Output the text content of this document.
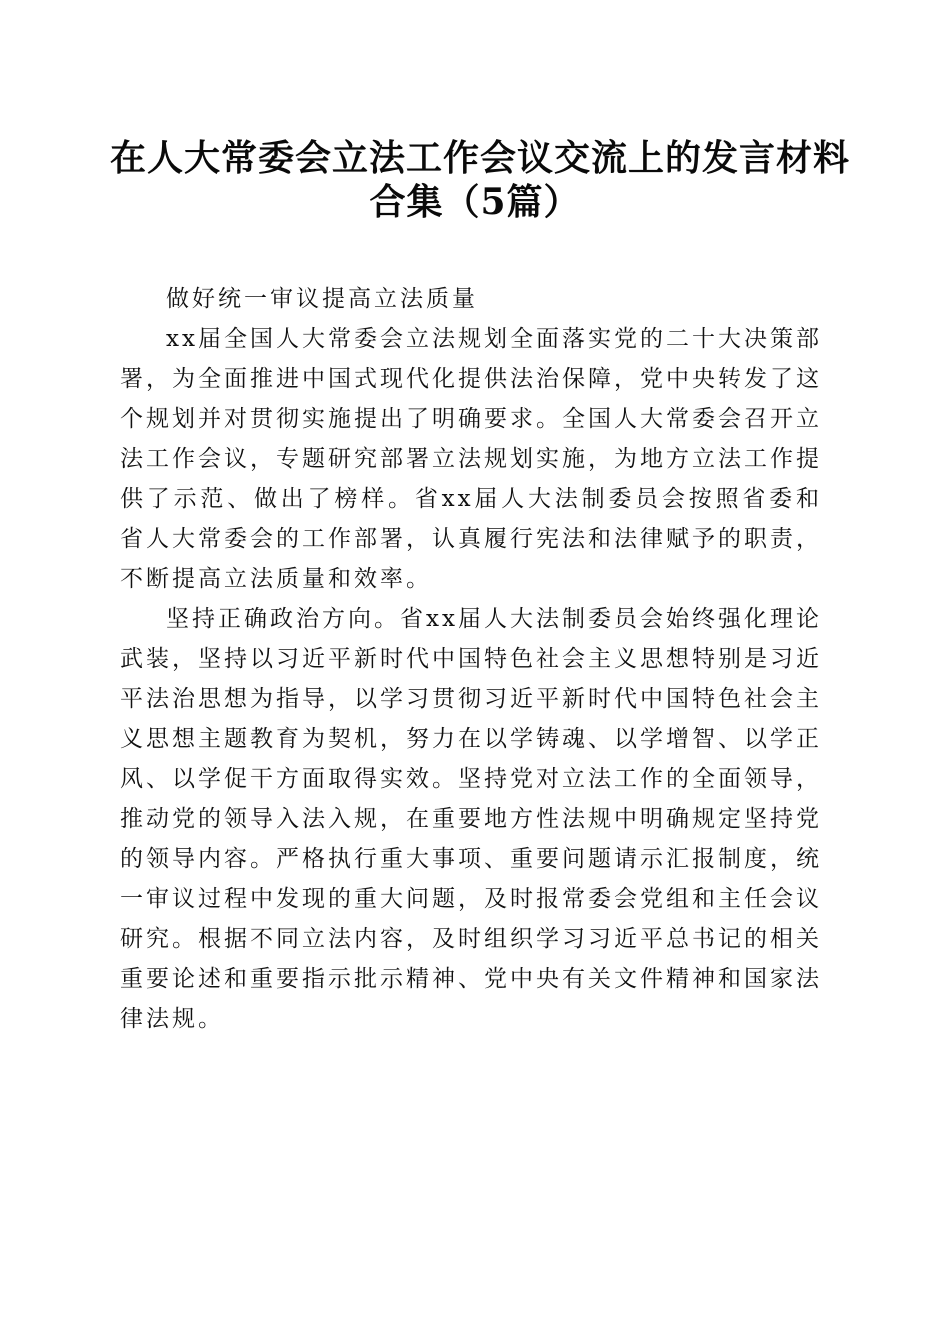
在人大常委会立法工作会议交流上的发言材料
合集（5篇）

做好统一审议提高立法质量

xx届全国人大常委会立法规划全面落实党的二十大决策部署，为全面推进中国式现代化提供法治保障，党中央转发了这个规划并对贯彻实施提出了明确要求。全国人大常委会召开立法工作会议，专题研究部署立法规划实施，为地方立法工作提供了示范、做出了榜样。省xx届人大法制委员会按照省委和省人大常委会的工作部署，认真履行宪法和法律赋予的职责，不断提高立法质量和效率。

坚持正确政治方向。省xx届人大法制委员会始终强化理论武装，坚持以习近平新时代中国特色社会主义思想特别是习近平法治思想为指导，以学习贯彻习近平新时代中国特色社会主义思想主题教育为契机，努力在以学铸魂、以学增智、以学正风、以学促干方面取得实效。坚持党对立法工作的全面领导，推动党的领导入法入规，在重要地方性法规中明确规定坚持党的领导内容。严格执行重大事项、重要问题请示汇报制度，统一审议过程中发现的重大问题，及时报常委会党组和主任会议研究。根据不同立法内容，及时组织学习习近平总书记的相关重要论述和重要指示批示精神、党中央有关文件精神和国家法律法规。
